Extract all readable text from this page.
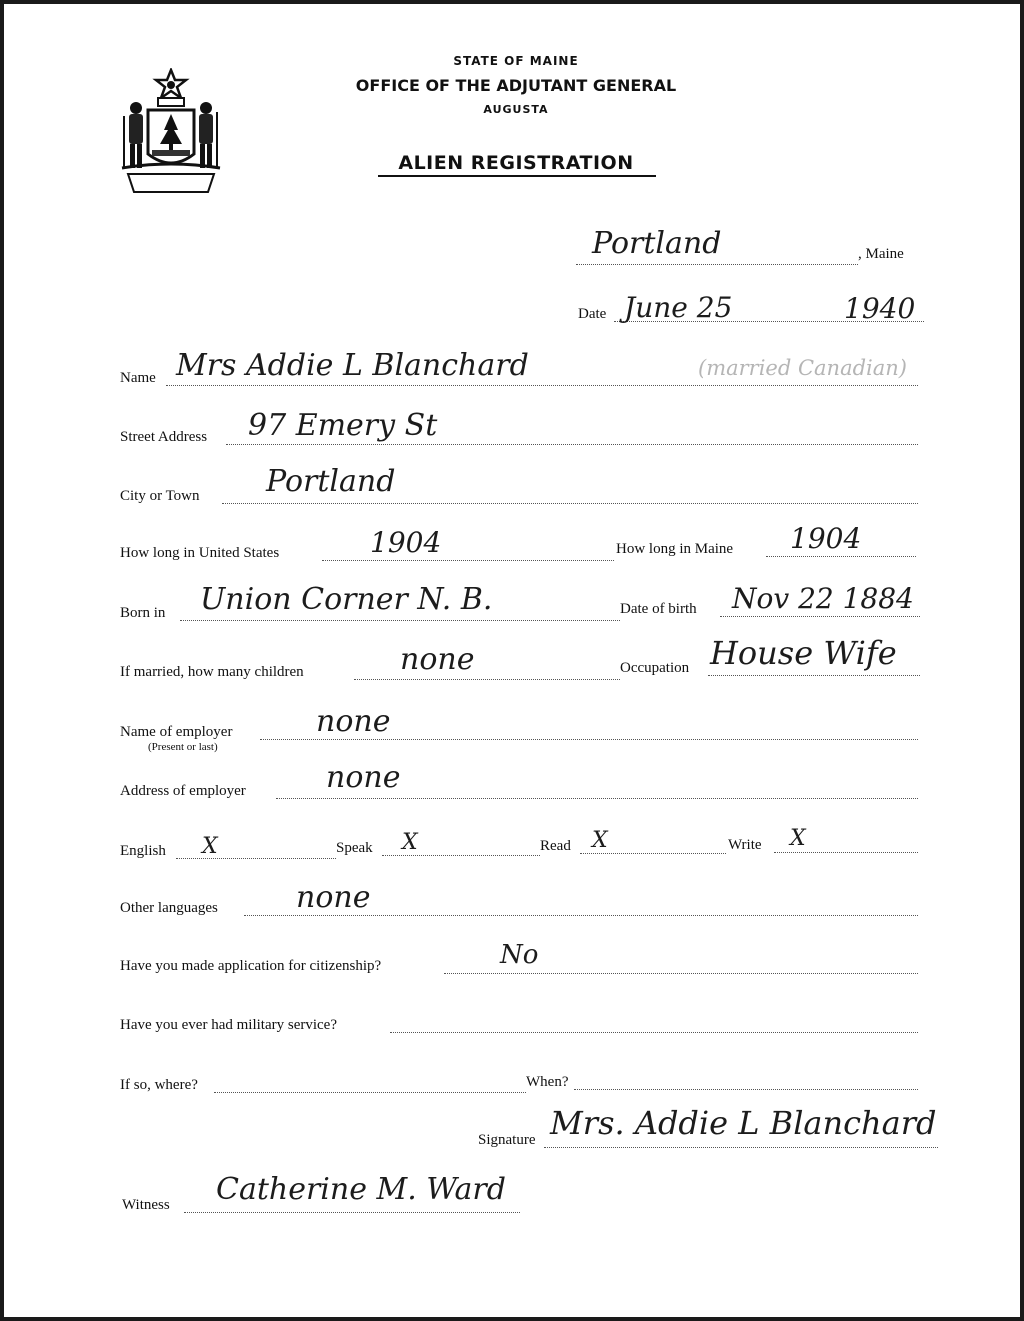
STATE OF MAINE
OFFICE OF THE ADJUTANT GENERAL
AUGUSTA
ALIEN REGISTRATION
Portland	, Maine
Date June 25	1940
Name Mrs Addie L Blanchard	(married Canadian)
Street Address 97 Emery St
City or Town Portland
How long in United States	1904	How long in Maine 1904
Born in Union Corner N. B.	Date of birth Nov 22 1884
If married, how many children	none	Occupation House Wife
Name of employer
(Present or last)
none
Address of employer	none
English X	Speak X	Read X	Write X
Other languages	none
Have you made application for citizenship?	No
Have you ever had military service?
If so, where?	When?
Signature Mrs. Addie L Blanchard
Witness Catherine M. Ward
